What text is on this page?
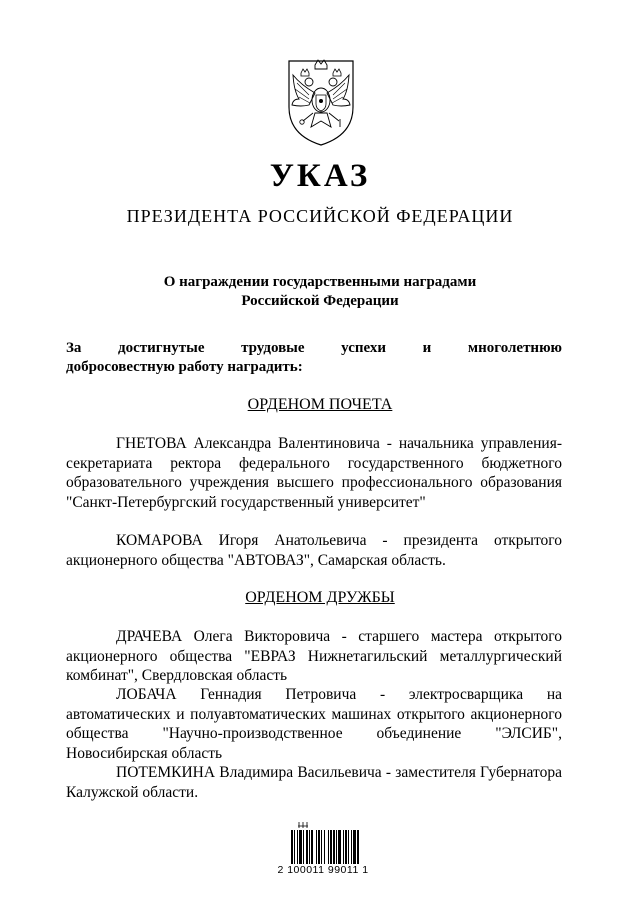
УКАЗ
ПРЕЗИДЕНТА РОССИЙСКОЙ ФЕДЕРАЦИИ
О награждении государственными наградами
Российской Федерации
За достигнутые трудовые успехи и многолетнюю
добросовестную работу наградить:
ОРДЕНОМ ПОЧЕТА
ГНЕТОВА Александра Валентиновича - начальника управления-секретариата ректора федерального государственного бюджетного образовательного учреждения высшего профессионального образования "Санкт-Петербургский государственный университет"
КОМАРОВА Игоря Анатольевича - президента открытого акционерного общества "АВТОВАЗ", Самарская область.
ОРДЕНОМ ДРУЖБЫ
ДРАЧЕВА Олега Викторовича - старшего мастера открытого акционерного общества "ЕВРАЗ Нижнетагильский металлургический комбинат", Свердловская область
ЛОБАЧА Геннадия Петровича - электросварщика на автоматических и полуавтоматических машинах открытого акционерного общества "Научно-производственное объединение "ЭЛСИБ", Новосибирская область
ПОТЕМКИНА Владимира Васильевича - заместителя Губернатора Калужской области.
2 100011 99011 1
